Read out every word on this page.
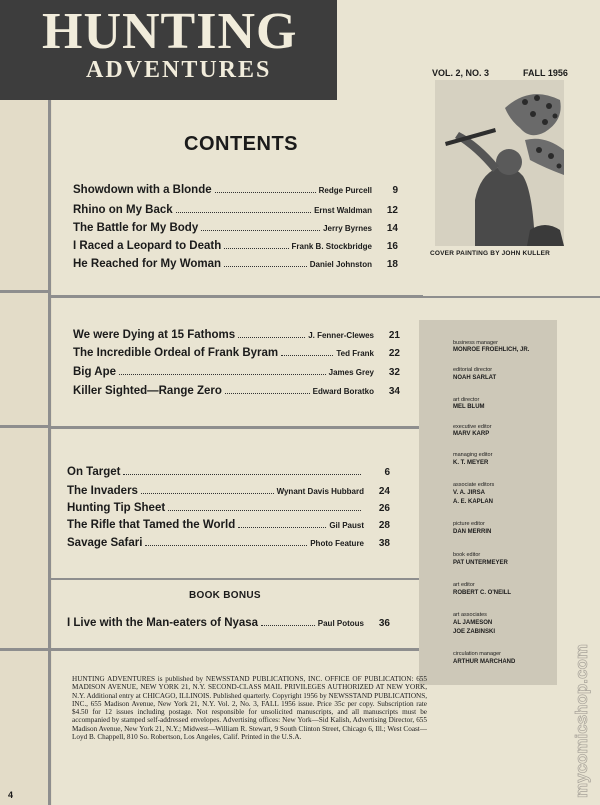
HUNTING
ADVENTURES	VOL. 2, NO. 3	FALL 1956
COVER PAINTING BY JOHN KULLER
CONTENTS
Showdown with a Blonde	Redge Purcell	9
Rhino on My Back	Ernst Waldman	12
The Battle for My Body	Jerry Byrnes	14
I Raced a Leopard to Death	Frank B. Stockbridge	16
He Reached for My Woman	Daniel Johnston	18
We were Dying at 15 Fathoms	J. Fenner-Clewes	21
The Incredible Ordeal of Frank Byram	Ted Frank	22
Big Ape	James Grey	32
Killer Sighted—Range Zero	Edward Boratko	34
On Target	6
The Invaders	Wynant Davis Hubbard	24
Hunting Tip Sheet	26
The Rifle that Tamed the World	Gil Paust	28
Savage Safari	Photo Feature	38
BOOK BONUS
I Live with the Man-eaters of Nyasa	Paul Potous	36
business manager
MONROE FROEHLICH, JR.
editorial director
NOAH SARLAT
art director
MEL BLUM
executive editor
MARV KARP
managing editor
K. T. MEYER
associate editors
V. A. JIRSA
A. E. KAPLAN
picture editor
DAN MERRIN
book editor
PAT UNTERMEYER
art editor
ROBERT C. O'NEILL
art associates
AL JAMESON
JOE ZABINSKI
circulation manager
ARTHUR MARCHAND
HUNTING ADVENTURES is published by NEWSSTAND PUBLICATIONS, INC. OFFICE OF PUBLICATION: 655 MADISON AVENUE, NEW YORK 21, N.Y. SECOND-CLASS MAIL PRIVILEGES AUTHORIZED AT NEW YORK, N.Y. Additional entry at CHICAGO, ILLINOIS. Published quarterly. Copyright 1956 by NEWSSTAND PUBLICATIONS, INC., 655 Madison Avenue, New York 21, N.Y. Vol. 2, No. 3, FALL 1956 issue. Price 35c per copy. Subscription rate $4.50 for 12 issues including postage. Not responsible for unsolicited manuscripts, and all manuscripts must be accompanied by stamped self-addressed envelopes. Advertising offices: New York—Sid Kalish, Advertising Director, 655 Madison Avenue, New York 21, N.Y.; Midwest—William R. Stewart, 9 South Clinton Street, Chicago 6, Ill.; West Coast—Loyd B. Chappell, 810 So. Robertson, Los Angeles, Calif. Printed in the U.S.A.
4	mycomicshop.com
